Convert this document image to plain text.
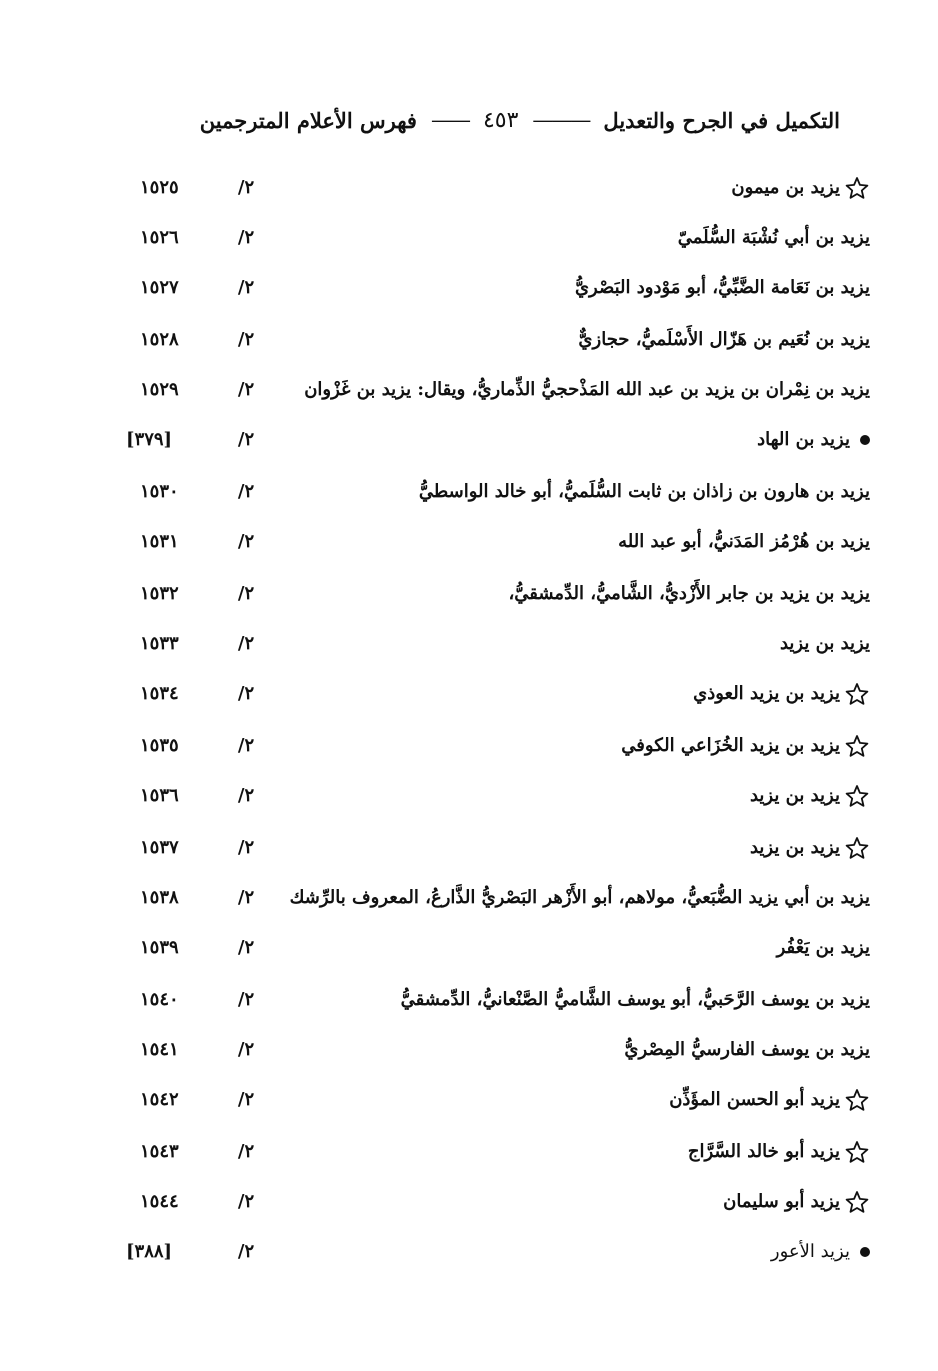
التكميل في الجرح والتعديل
———
٤٥٣
——
فهرس الأعلام المترجمين
يزيد بن ميمون
٢/
١٥٢٥
يزيد بن أبي نُشْبَة السُّلَميّ
٢/
١٥٢٦
يزيد بن نَعَامة الضَّبِّيُّ، أبو مَوْدود البَصْريُّ
٢/
١٥٢٧
يزيد بن نُعَيم بن هَزّال الأَسْلَميُّ، حجازيٌّ
٢/
١٥٢٨
يزيد بن نِمْران بن يزيد بن عبد الله المَذْحجيُّ الذِّماريُّ، ويقال: يزيد بن غَزْوان
٢/
١٥٢٩
يزيد بن الهاد
٢/
[٣٧٩]
يزيد بن هارون بن زاذان بن ثابت السُّلَميُّ، أبو خالد الواسطيُّ
٢/
١٥٣٠
يزيد بن هُرْمُز المَدَنيُّ، أبو عبد الله
٢/
١٥٣١
يزيد بن يزيد بن جابر الأَزْديُّ، الشَّاميُّ، الدِّمشقيُّ،
٢/
١٥٣٢
يزيد بن يزيد
٢/
١٥٣٣
يزيد بن يزيد العوذي
٢/
١٥٣٤
يزيد بن يزيد الخُزَاعي الكوفي
٢/
١٥٣٥
يزيد بن يزيد
٢/
١٥٣٦
يزيد بن يزيد
٢/
١٥٣٧
يزيد بن أبي يزيد الضُّبَعيُّ، مولاهم، أبو الأَزْهر البَصْريُّ الذَّارعُ، المعروف بالرِّشك
٢/
١٥٣٨
يزيد بن يَعْفُر
٢/
١٥٣٩
يزيد بن يوسف الرَّحَبيُّ، أبو يوسف الشَّاميُّ الصَّنْعانيُّ، الدِّمشقيُّ
٢/
١٥٤٠
يزيد بن يوسف الفارسيُّ المِصْريُّ
٢/
١٥٤١
يزيد أبو الحسن المؤَذِّن
٢/
١٥٤٢
يزيد أبو خالد السَّرَّاج
٢/
١٥٤٣
يزيد أبو سليمان
٢/
١٥٤٤
يزيد الأعور
٢/
[٣٨٨]
